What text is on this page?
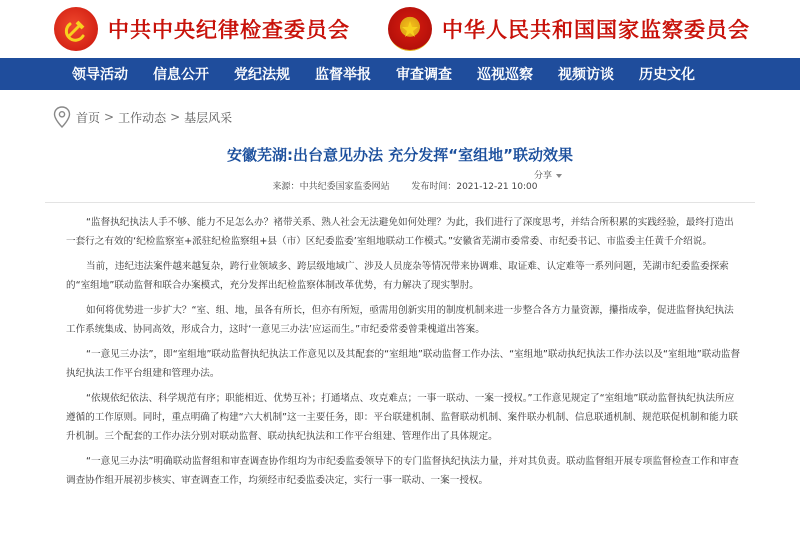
中共中央纪律检查委员会	中华人民共和国国家监察委员会
领导活动 信息公开 党纪法规 监督举报 审查调查 巡视巡察 视频访谈 历史文化
首页 > 工作动态 > 基层风采
安徽芜湖:出台意见办法 充分发挥“室组地”联动效果
分享
来源：中共纪委国家监委网站 发布时间：2021-12-21 10:00

“监督执纪执法人手不够、能力不足怎么办？褚带关系、熟人社会无法避免如何处理？为此，我们进行了深度思考，并结合所积累的实践经验，最终打造出一套行之有效的‘纪检监察室+派驻纪检监察组+县（市）区纪委监委’室组地联动工作模式。”安徽省芜湖市委常委、市纪委书记、市监委主任黄千介绍说。

当前，违纪违法案件越来越复杂，跨行业领域多、跨层级地域广、涉及人员庞杂等情况带来协调难、取证难、认定难等一系列问题，芜湖市纪委监委探索的“室组地”联动监督和联合办案模式，充分发挥出纪检监察体制改革优势，有力解决了现实掣肘。

如何将优势进一步扩大？“室、组、地，虽各有所长，但亦有所短，亟需用创新实用的制度机制来进一步整合各方力量资源，攥指成拳，促进监督执纪执法工作系统集成、协同高效，形成合力，这时‘一意见三办法’应运而生。”市纪委常委曾秉槐道出答案。

“一意见三办法”，即“室组地”联动监督执纪执法工作意见以及其配套的“室组地”联动监督工作办法、“室组地”联动执纪执法工作办法以及“室组地”联动监督执纪执法工作平台组建和管理办法。

“依规依纪依法、科学规范有序；职能相近、优势互补；打通堵点、攻克难点；一事一联动、一案一授权。”工作意见规定了“室组地”联动监督执纪执法所应遵循的工作原则。同时，重点明确了构建“六大机制”这一主要任务，即：平台联建机制、监督联动机制、案件联办机制、信息联通机制、规范联促机制和能力联升机制。三个配套的工作办法分别对联动监督、联动执纪执法和工作平台组建、管理作出了具体规定。

“一意见三办法”明确联动监督组和审查调查协作组均为市纪委监委领导下的专门监督执纪执法力量，并对其负责。联动监督组开展专项监督检查工作和审查调查协作组开展初步核实、审查调查工作，均须经市纪委监委决定，实行一事一联动、一案一授权。
